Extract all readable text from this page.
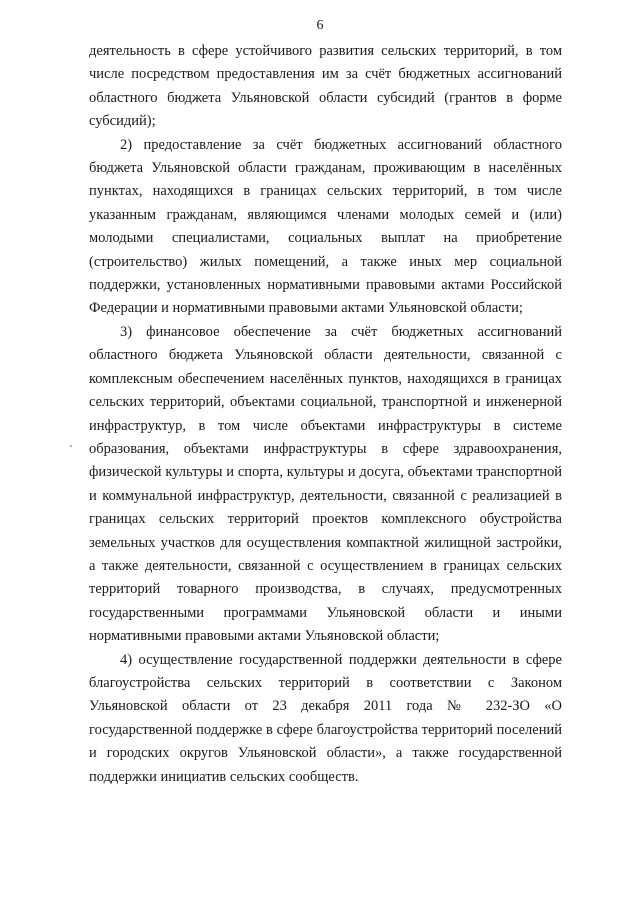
6

деятельность в сфере устойчивого развития сельских территорий, в том числе посредством предоставления им за счёт бюджетных ассигнований областного бюджета Ульяновской области субсидий (грантов в форме субсидий);

2) предоставление за счёт бюджетных ассигнований областного бюджета Ульяновской области гражданам, проживающим в населённых пунктах, находящихся в границах сельских территорий, в том числе указанным гражданам, являющимся членами молодых семей и (или) молодыми специалистами, социальных выплат на приобретение (строительство) жилых помещений, а также иных мер социальной поддержки, установленных нормативными правовыми актами Российской Федерации и нормативными правовыми актами Ульяновской области;

3) финансовое обеспечение за счёт бюджетных ассигнований областного бюджета Ульяновской области деятельности, связанной с комплексным обеспечением населённых пунктов, находящихся в границах сельских территорий, объектами социальной, транспортной и инженерной инфраструктур, в том числе объектами инфраструктуры в системе образования, объектами инфраструктуры в сфере здравоохранения, физической культуры и спорта, культуры и досуга, объектами транспортной и коммунальной инфраструктур, деятельности, связанной с реализацией в границах сельских территорий проектов комплексного обустройства земельных участков для осуществления компактной жилищной застройки, а также деятельности, связанной с осуществлением в границах сельских территорий товарного производства, в случаях, предусмотренных государственными программами Ульяновской области и иными нормативными правовыми актами Ульяновской области;

4) осуществление государственной поддержки деятельности в сфере благоустройства сельских территорий в соответствии с Законом Ульяновской области от 23 декабря 2011 года № 232-ЗО «О государственной поддержке в сфере благоустройства территорий поселений и городских округов Ульяновской области», а также государственной поддержки инициатив сельских сообществ.
